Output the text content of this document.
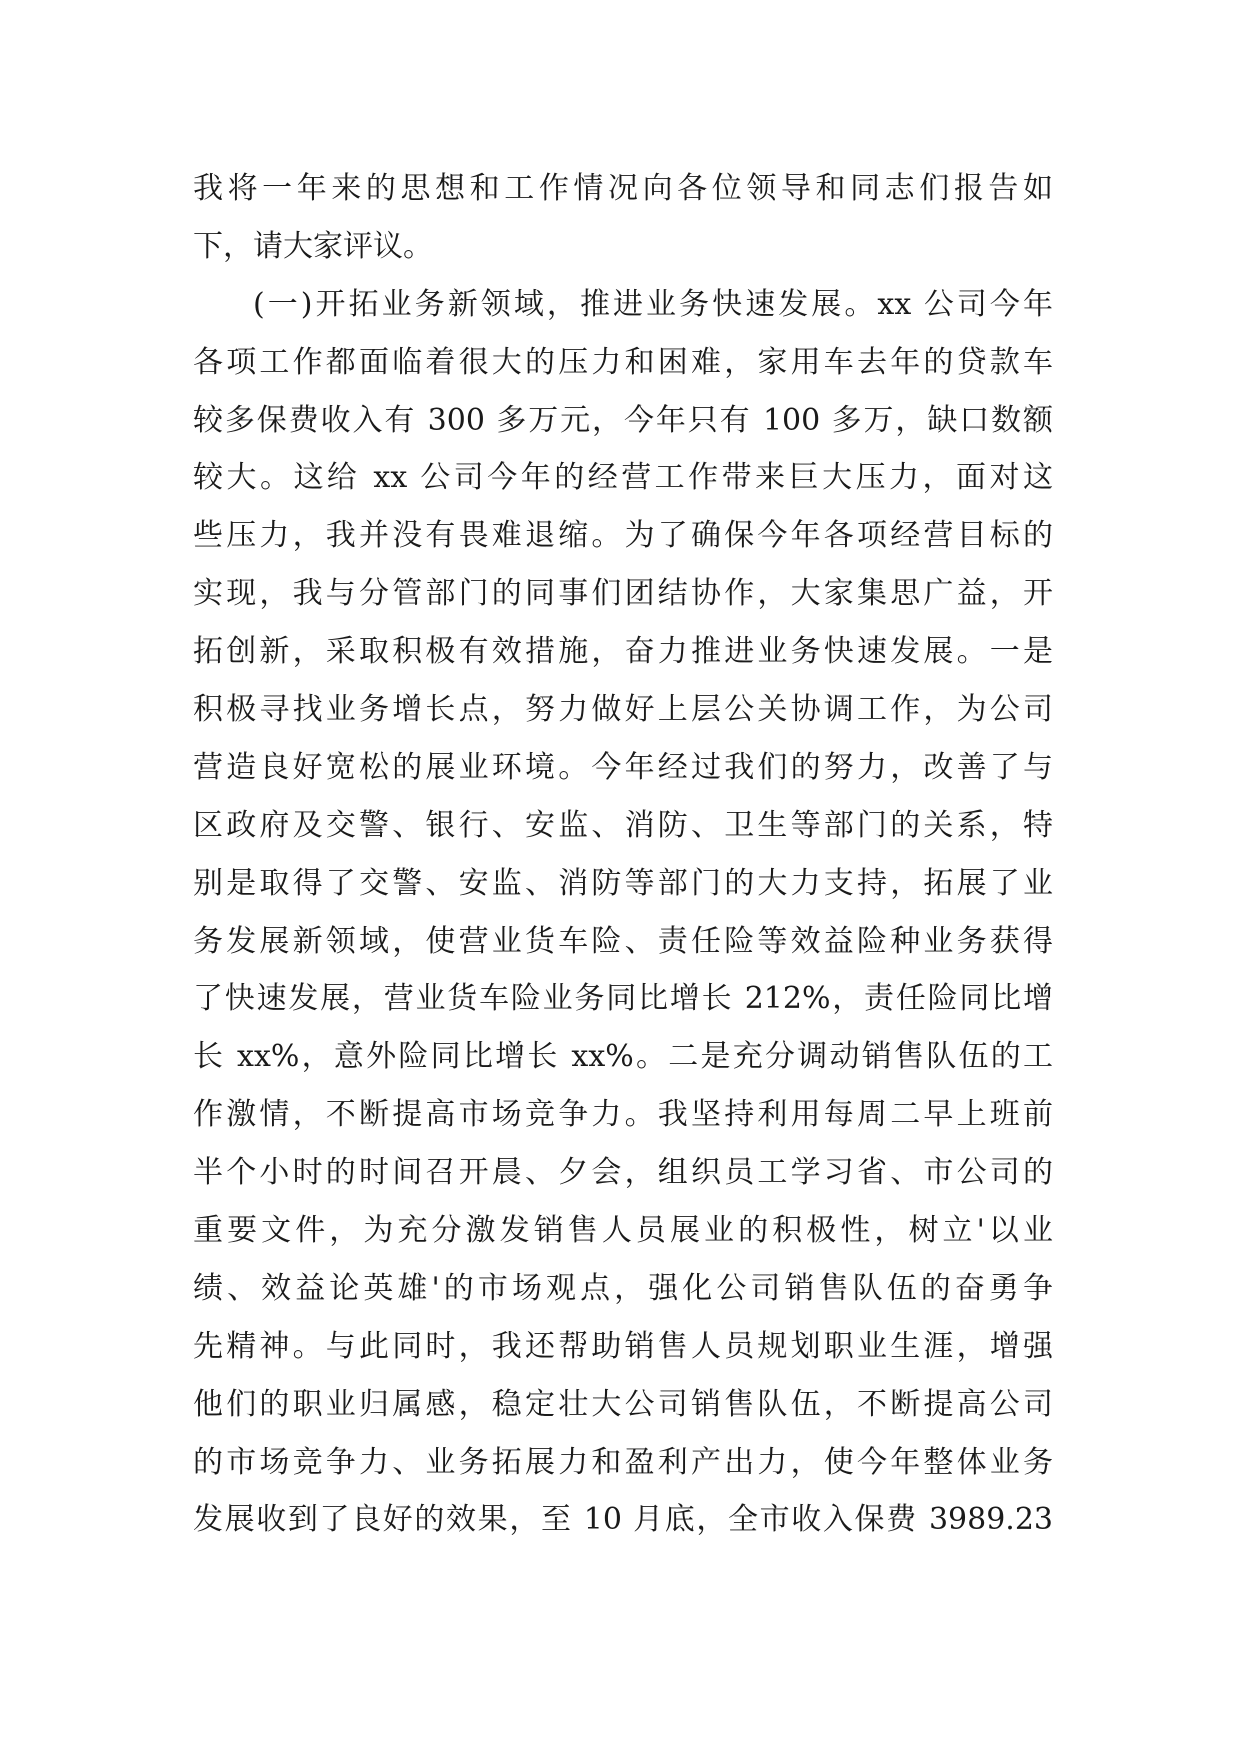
我将一年来的思想和工作情况向各位领导和同志们报告如
下，请大家评议。
(一)开拓业务新领域，推进业务快速发展。xx 公司今年
各项工作都面临着很大的压力和困难，家用车去年的贷款车
较多保费收入有 300 多万元，今年只有 100 多万，缺口数额
较大。这给 xx 公司今年的经营工作带来巨大压力，面对这
些压力，我并没有畏难退缩。为了确保今年各项经营目标的
实现，我与分管部门的同事们团结协作，大家集思广益，开
拓创新，采取积极有效措施，奋力推进业务快速发展。一是
积极寻找业务增长点，努力做好上层公关协调工作，为公司
营造良好宽松的展业环境。今年经过我们的努力，改善了与
区政府及交警、银行、安监、消防、卫生等部门的关系，特
别是取得了交警、安监、消防等部门的大力支持，拓展了业
务发展新领域，使营业货车险、责任险等效益险种业务获得
了快速发展，营业货车险业务同比增长 212%，责任险同比增
长 xx%，意外险同比增长 xx%。二是充分调动销售队伍的工
作激情，不断提高市场竞争力。我坚持利用每周二早上班前
半个小时的时间召开晨、夕会，组织员工学习省、市公司的
重要文件，为充分激发销售人员展业的积极性，树立'以业
绩、效益论英雄'的市场观点，强化公司销售队伍的奋勇争
先精神。与此同时，我还帮助销售人员规划职业生涯，增强
他们的职业归属感，稳定壮大公司销售队伍，不断提高公司
的市场竞争力、业务拓展力和盈利产出力，使今年整体业务
发展收到了良好的效果，至 10 月底，全市收入保费 3989.23
